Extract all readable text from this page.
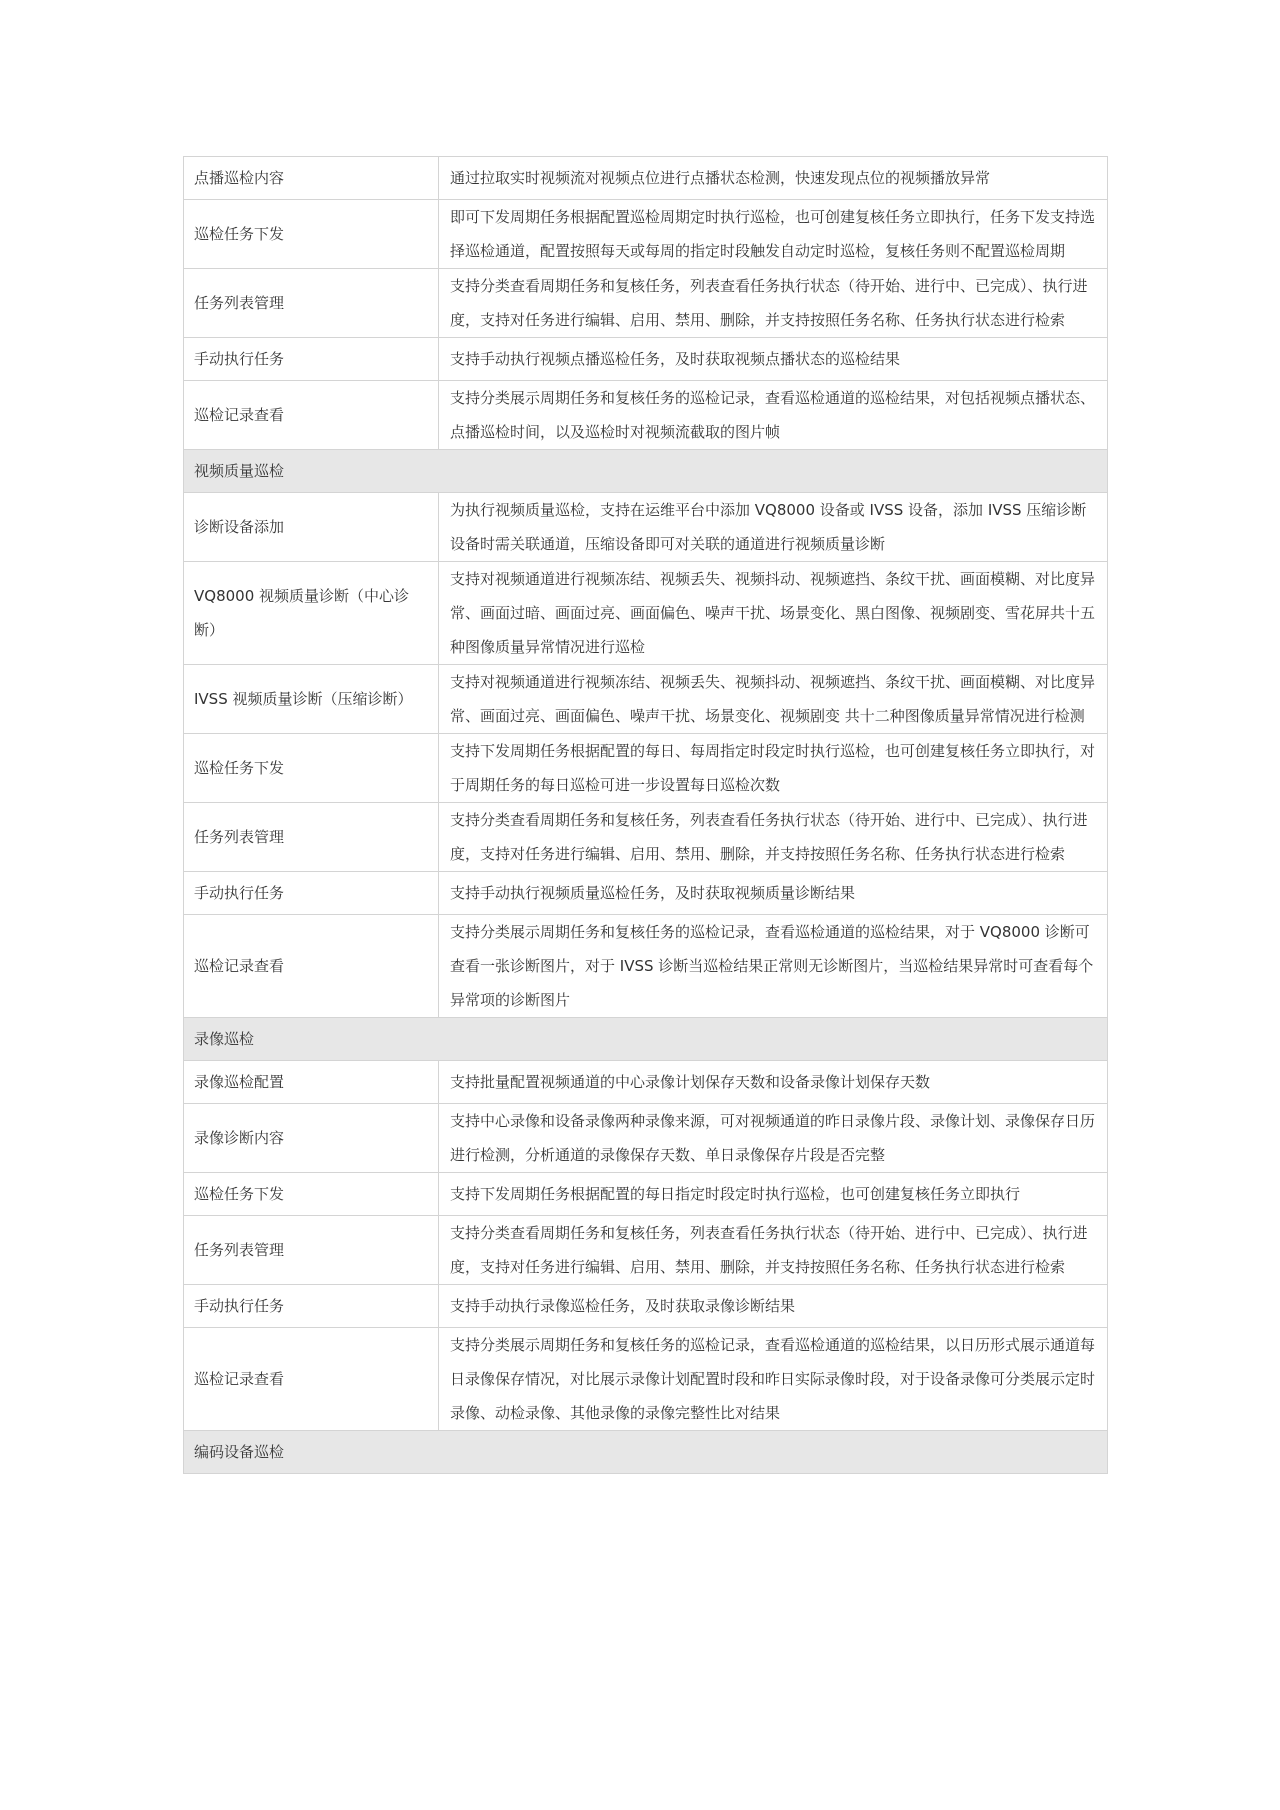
点播巡检内容	通过拉取实时视频流对视频点位进行点播状态检测，快速发现点位的视频播放异常
巡检任务下发	即可下发周期任务根据配置巡检周期定时执行巡检，也可创建复核任务立即执行，任务下发支持选择巡检通道，配置按照每天或每周的指定时段触发自动定时巡检，复核任务则不配置巡检周期
任务列表管理	支持分类查看周期任务和复核任务，列表查看任务执行状态（待开始、进行中、已完成）、执行进度，支持对任务进行编辑、启用、禁用、删除，并支持按照任务名称、任务执行状态进行检索
手动执行任务	支持手动执行视频点播巡检任务，及时获取视频点播状态的巡检结果
巡检记录查看	支持分类展示周期任务和复核任务的巡检记录，查看巡检通道的巡检结果，对包括视频点播状态、点播巡检时间，以及巡检时对视频流截取的图片帧
视频质量巡检	
诊断设备添加	为执行视频质量巡检，支持在运维平台中添加 VQ8000 设备或 IVSS 设备，添加 IVSS 压缩诊断设备时需关联通道，压缩设备即可对关联的通道进行视频质量诊断
VQ8000 视频质量诊断（中心诊断）	支持对视频通道进行视频冻结、视频丢失、视频抖动、视频遮挡、条纹干扰、画面模糊、对比度异常、画面过暗、画面过亮、画面偏色、噪声干扰、场景变化、黑白图像、视频剧变、雪花屏共十五种图像质量异常情况进行巡检
IVSS 视频质量诊断（压缩诊断）	支持对视频通道进行视频冻结、视频丢失、视频抖动、视频遮挡、条纹干扰、画面模糊、对比度异常、画面过亮、画面偏色、噪声干扰、场景变化、视频剧变 共十二种图像质量异常情况进行检测
巡检任务下发	支持下发周期任务根据配置的每日、每周指定时段定时执行巡检，也可创建复核任务立即执行，对于周期任务的每日巡检可进一步设置每日巡检次数
任务列表管理	支持分类查看周期任务和复核任务，列表查看任务执行状态（待开始、进行中、已完成）、执行进度，支持对任务进行编辑、启用、禁用、删除，并支持按照任务名称、任务执行状态进行检索
手动执行任务	支持手动执行视频质量巡检任务，及时获取视频质量诊断结果
巡检记录查看	支持分类展示周期任务和复核任务的巡检记录，查看巡检通道的巡检结果，对于 VQ8000 诊断可查看一张诊断图片，对于 IVSS 诊断当巡检结果正常则无诊断图片，当巡检结果异常时可查看每个异常项的诊断图片
录像巡检	
录像巡检配置	支持批量配置视频通道的中心录像计划保存天数和设备录像计划保存天数
录像诊断内容	支持中心录像和设备录像两种录像来源，可对视频通道的昨日录像片段、录像计划、录像保存日历进行检测，分析通道的录像保存天数、单日录像保存片段是否完整
巡检任务下发	支持下发周期任务根据配置的每日指定时段定时执行巡检，也可创建复核任务立即执行
任务列表管理	支持分类查看周期任务和复核任务，列表查看任务执行状态（待开始、进行中、已完成）、执行进度，支持对任务进行编辑、启用、禁用、删除，并支持按照任务名称、任务执行状态进行检索
手动执行任务	支持手动执行录像巡检任务，及时获取录像诊断结果
巡检记录查看	支持分类展示周期任务和复核任务的巡检记录，查看巡检通道的巡检结果，以日历形式展示通道每日录像保存情况，对比展示录像计划配置时段和昨日实际录像时段，对于设备录像可分类展示定时录像、动检录像、其他录像的录像完整性比对结果
编码设备巡检	
